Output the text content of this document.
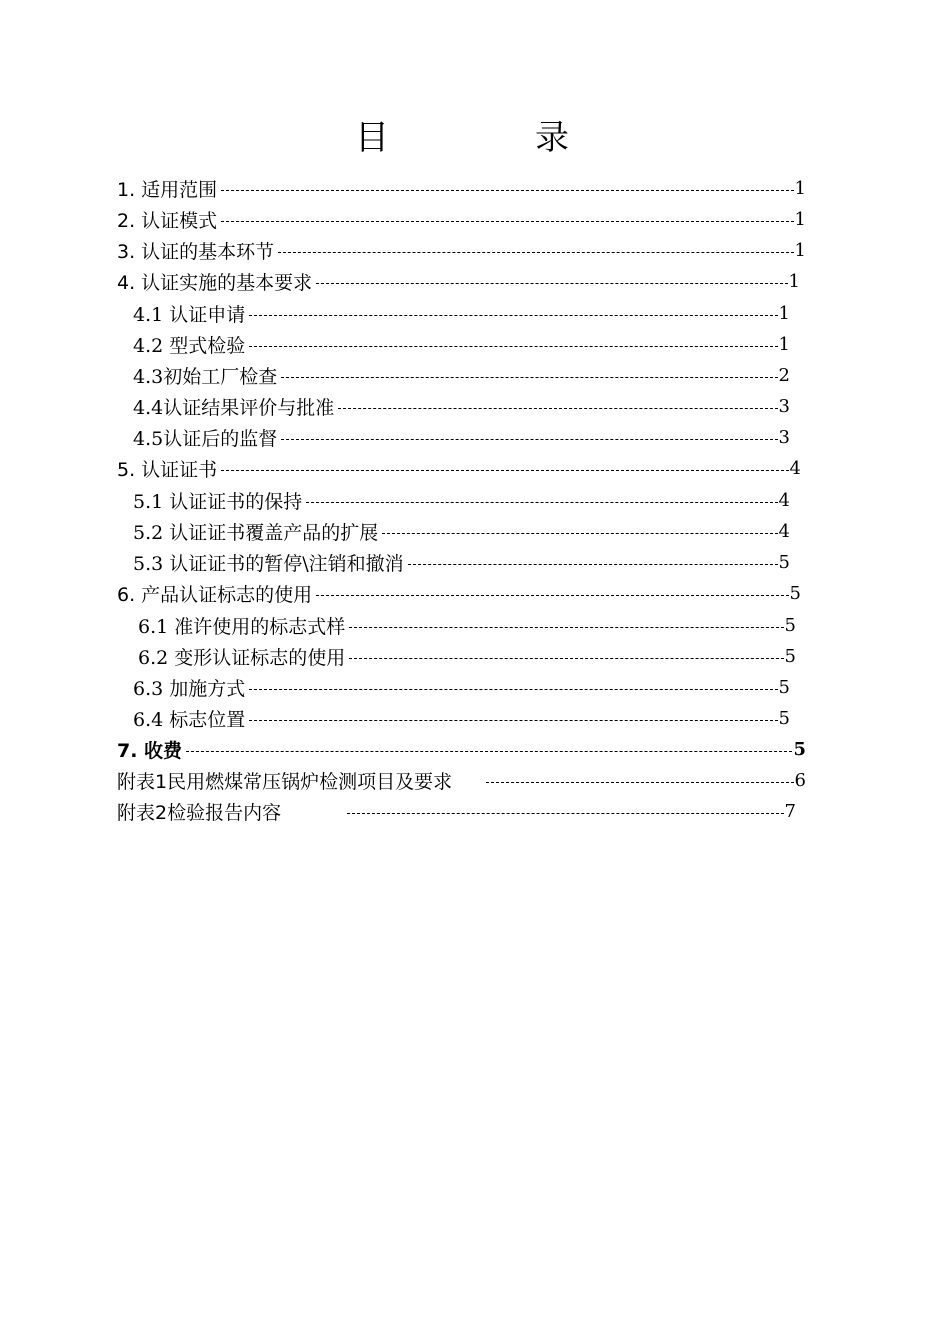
目　录
1. 适用范围	1
2. 认证模式	1
3. 认证的基本环节	1
4. 认证实施的基本要求	1
4.1 认证申请	1
4.2 型式检验	1
4.3初始工厂检查	2
4.4认证结果评价与批准	3
4.5认证后的监督	3
5. 认证证书	4
5.1 认证证书的保持	4
5.2 认证证书覆盖产品的扩展	4
5.3 认证证书的暂停\注销和撤消	5
6. 产品认证标志的使用	5
6.1 准许使用的标志式样	5
6.2 变形认证标志的使用	5
6.3 加施方式	5
6.4 标志位置	5
7. 收费	5
附表1民用燃煤常压锅炉检测项目及要求	6
附表2检验报告内容	7
